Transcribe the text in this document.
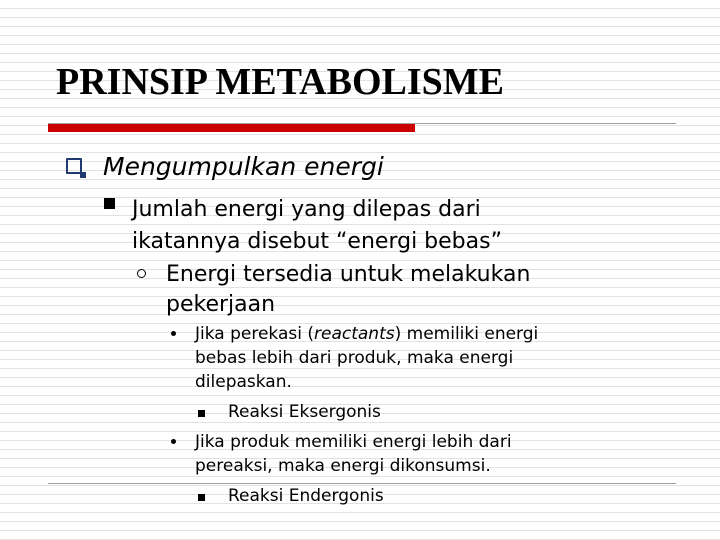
PRINSIP METABOLISME
Mengumpulkan energi
Jumlah energi yang dilepas dari
ikatannya disebut “energi bebas”
Energi tersedia untuk melakukan
pekerjaan
Jika perekasi (reactants) memiliki energi
bebas lebih dari produk, maka energi
dilepaskan.
Reaksi Eksergonis
Jika produk memiliki energi lebih dari
pereaksi, maka energi dikonsumsi.
Reaksi Endergonis
